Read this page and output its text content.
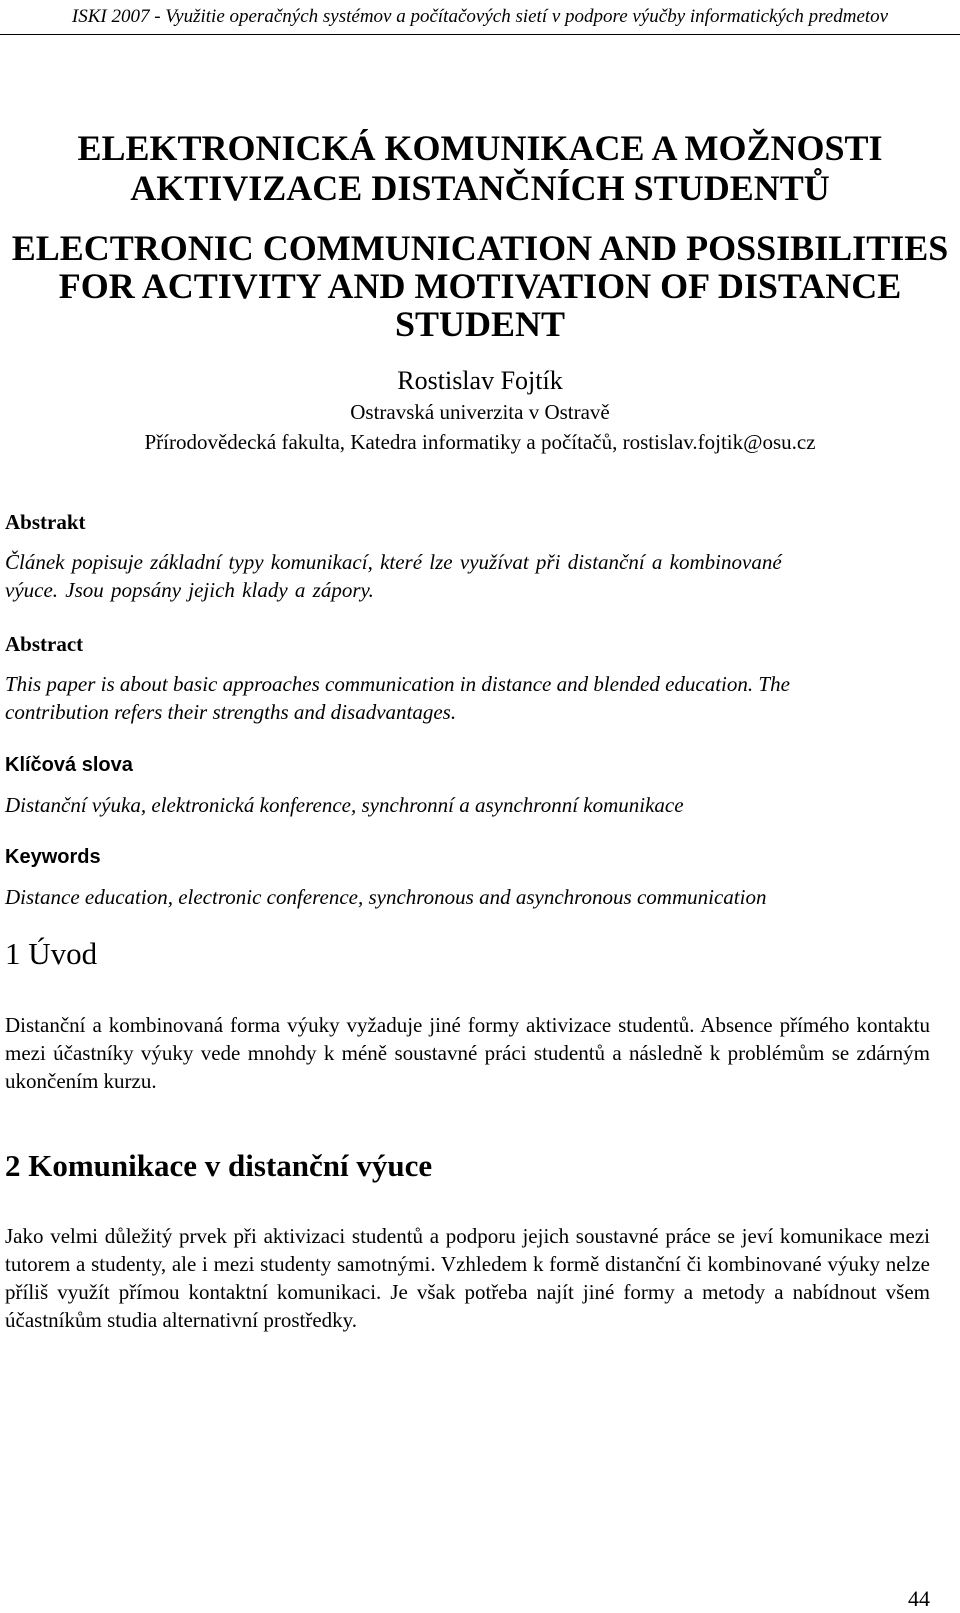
ISKI 2007 - Využitie operačných systémov a počítačových sietí v podpore výučby informatických predmetov
ELEKTRONICKÁ KOMUNIKACE A MOŽNOSTI
AKTIVIZACE DISTANČNÍCH STUDENTŮ
ELECTRONIC COMMUNICATION AND POSSIBILITIES
FOR ACTIVITY AND MOTIVATION OF DISTANCE
STUDENT
Rostislav Fojtík
Ostravská univerzita v Ostravě
Přírodovědecká fakulta, Katedra informatiky a počítačů, rostislav.fojtik@osu.cz
Abstrakt
Článek popisuje základní typy komunikací, které lze využívat při distanční a kombinované
výuce. Jsou popsány jejich klady a zápory.
Abstract
This paper is about basic approaches communication in distance and blended education. The
contribution refers their strengths and disadvantages.
Klíčová slova
Distanční výuka, elektronická konference, synchronní a asynchronní komunikace
Keywords
Distance education, electronic conference, synchronous and asynchronous communication
1 Úvod

Distanční a kombinovaná forma výuky vyžaduje jiné formy aktivizace studentů. Absence přímého kontaktu mezi účastníky výuky vede mnohdy k méně soustavné práci studentů a následně k problémům se zdárným ukončením kurzu.

2 Komunikace v distanční výuce

Jako velmi důležitý prvek při aktivizaci studentů a podporu jejich soustavné práce se jeví komunikace mezi tutorem a studenty, ale i mezi studenty samotnými. Vzhledem k formě distanční či kombinované výuky nelze příliš využít přímou kontaktní komunikaci. Je však potřeba najít jiné formy a metody a nabídnout všem účastníkům studia alternativní prostředky.

44
